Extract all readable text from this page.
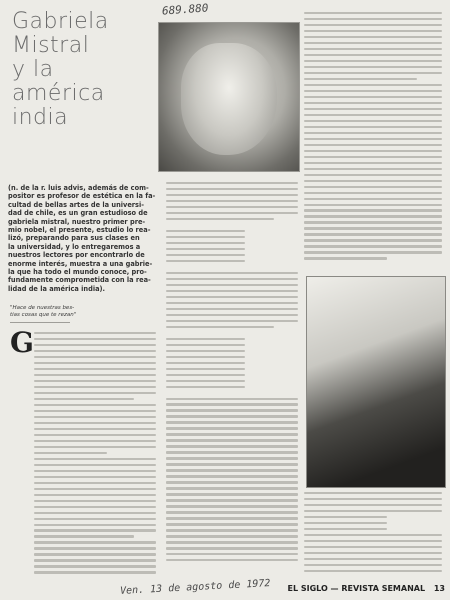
689.880
Gabriela
Mistral
y la
américa
india
(n. de la r. luis advis, además de com-
positor es profesor de estética en la fa-
cultad de bellas artes de la universi-
dad de chile, es un gran estudioso de
gabriela mistral, nuestro primer pre-
mio nobel, el presente, estudio lo rea-
lizó, preparando para sus clases en
la universidad, y lo entregaremos a
nuestros lectores por encontrarlo de
enorme interés, muestra a una gabrie-
la que ha todo el mundo conoce, pro-
fundamente comprometida con la rea-
lidad de la américa india).
"Hace de nuestras bes-
tias cosas que te rezan"
G
Ven. 13 de agosto de 1972	EL SIGLO — REVISTA SEMANAL 13
